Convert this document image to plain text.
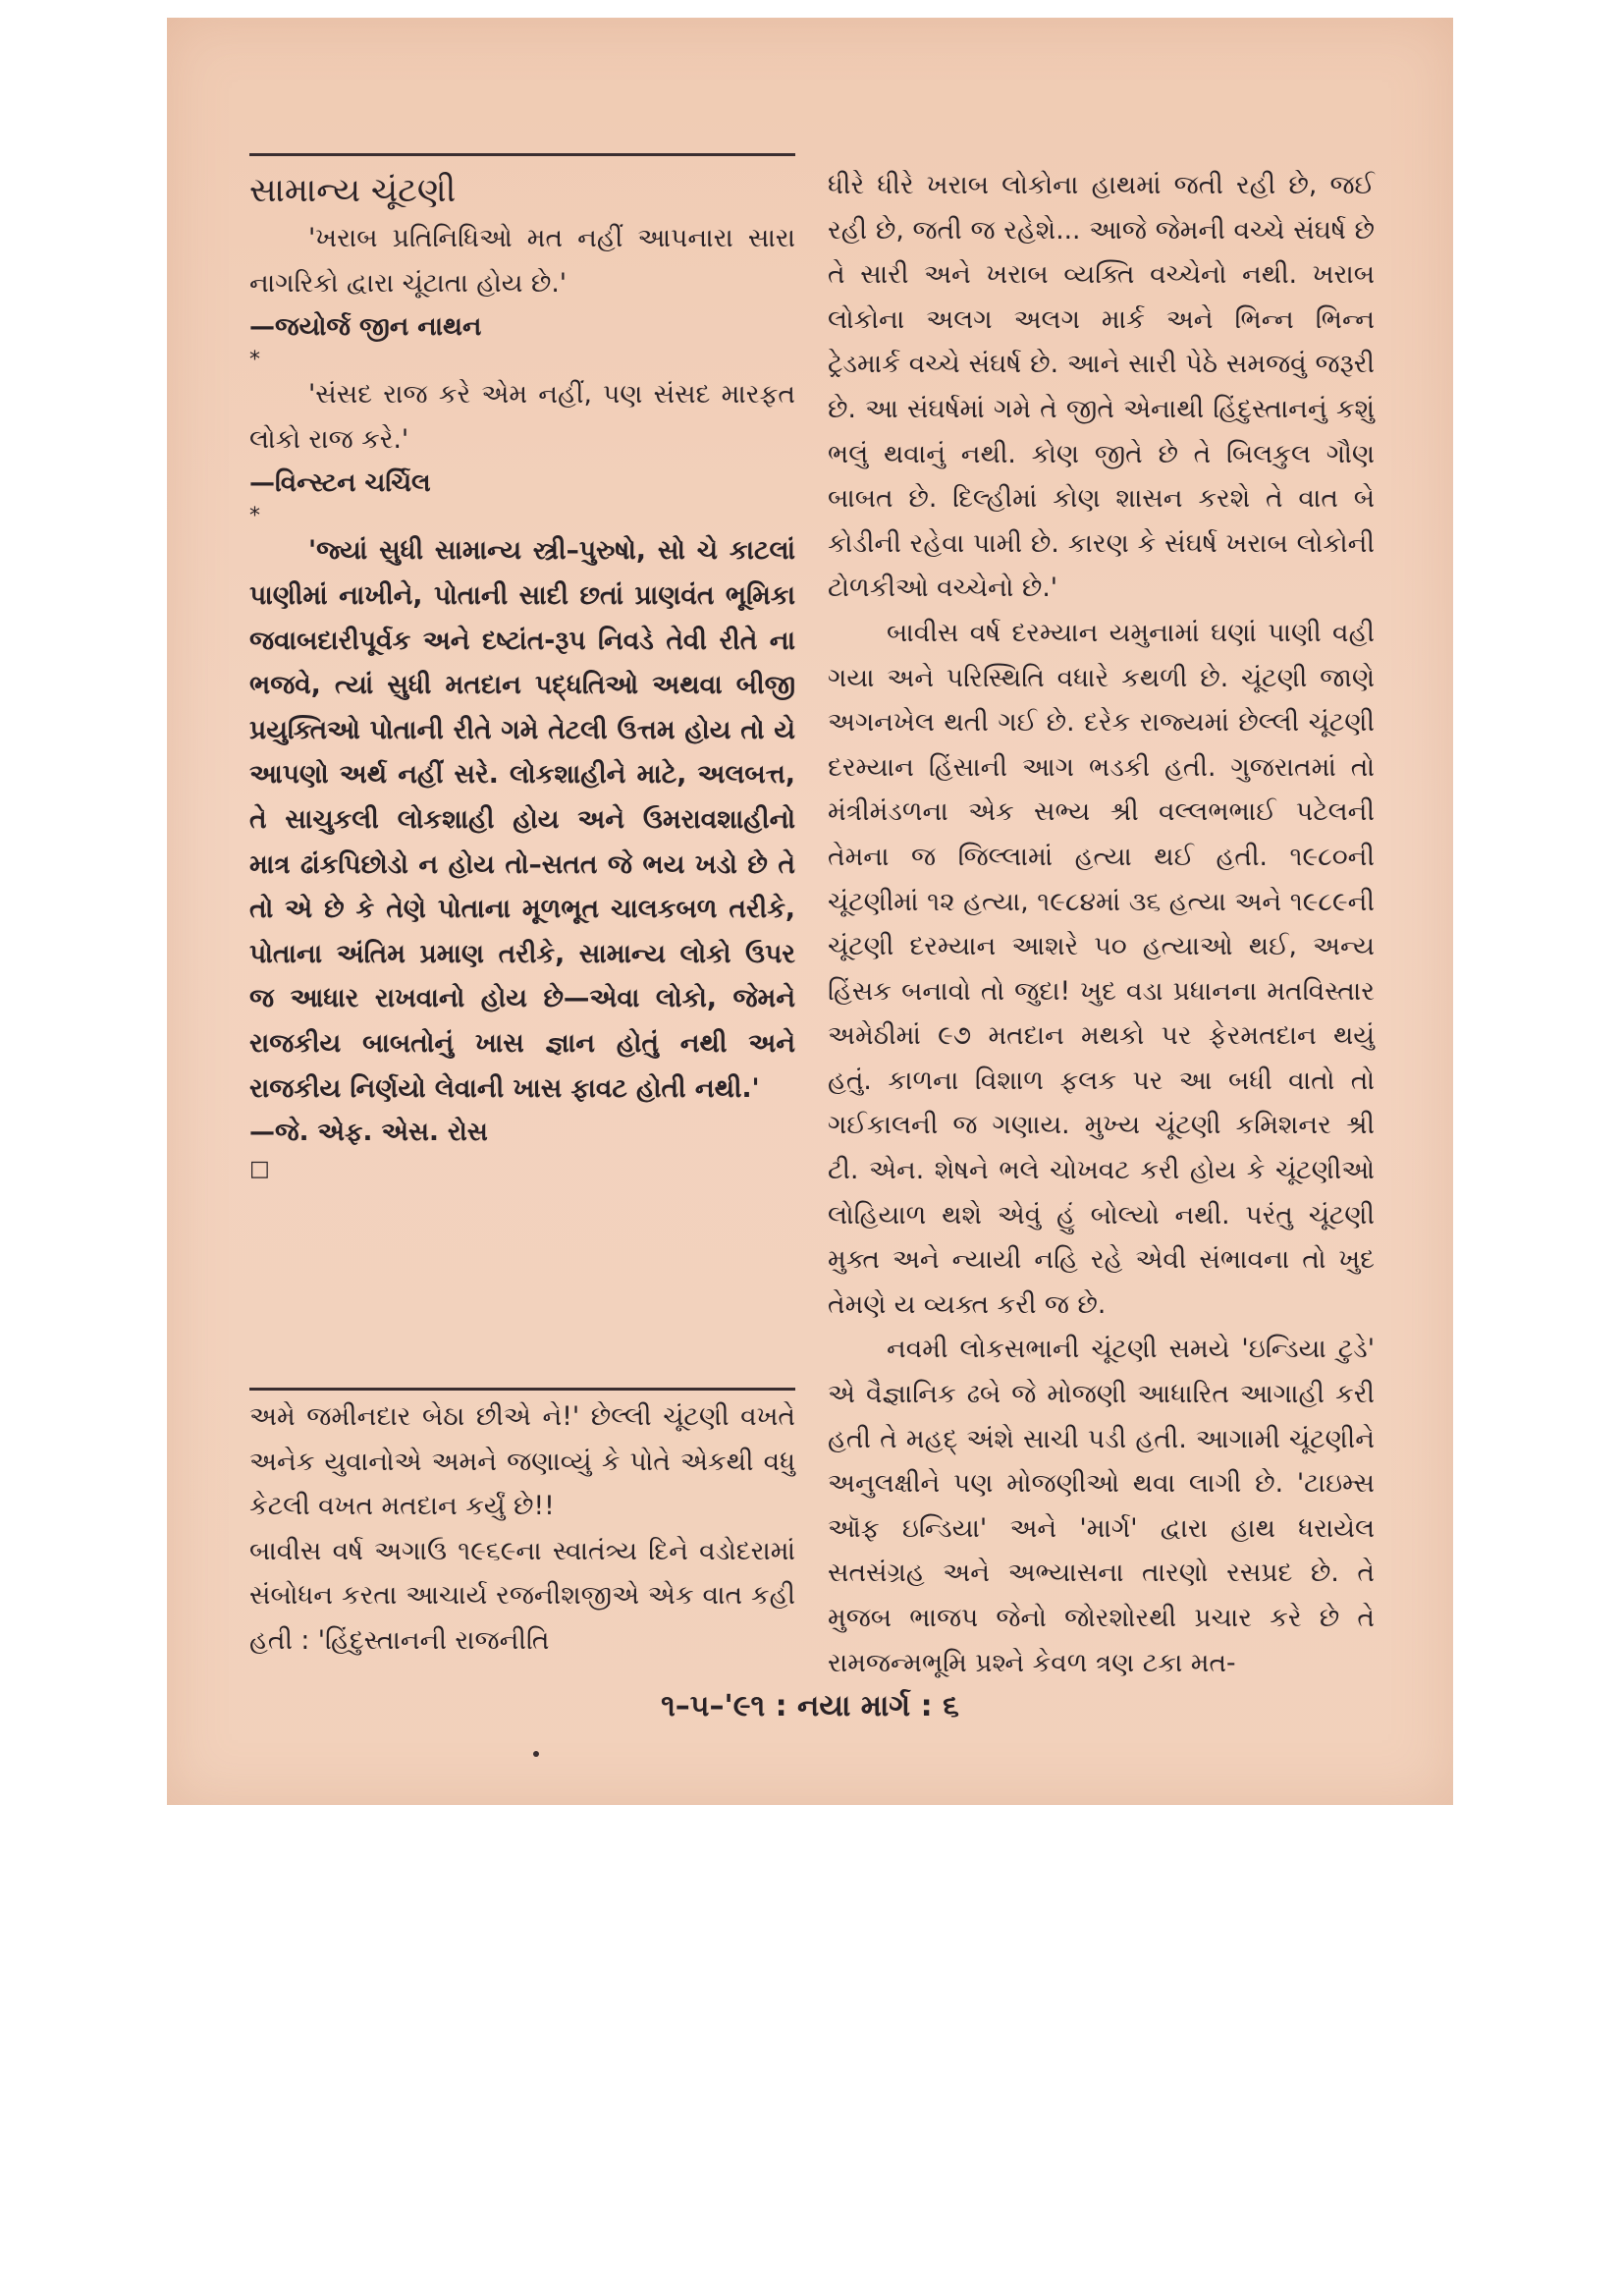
સામાન્ય ચૂંટણી

'ખરાબ પ્રતિનિધિઓ મત નહીં આપનારા સારા નાગરિકો દ્વારા ચૂંટાતા હોય છે.'

—જયોર્જ જીન નાથન

*

'સંસદ રાજ કરે એમ નહીં, પણ સંસદ મારફત લોકો રાજ કરે.'

—વિન્સ્ટન ચર્ચિલ

*

'જ્યાં સુધી સામાન્ય સ્ત્રી–પુરુષો, સો ચે કાટલાં પાણીમાં નાખીને, પોતાની સાદી છતાં પ્રાણવંત ભૂમિકા જવાબદારીપૂર્વક અને દષ્ટાંત-રૂપ નિવડે તેવી રીતે ના ભજવે, ત્યાં સુધી મતદાન પદ્ધતિઓ અથવા બીજી પ્રયુક્તિઓ પોતાની રીતે ગમે તેટલી ઉત્તમ હોય તો યે આપણો અર્થ નહીં સરે. લોકશાહીને માટે, અલબત્ત, તે સાચુકલી લોકશાહી હોય અને ઉમરાવશાહીનો માત્ર ઢાંકપિછોડો ન હોય તો–સતત જે ભય ખડો છે તે તો એ છે કે તેણે પોતાના મૂળભૂત ચાલકબળ તરીકે, પોતાના અંતિમ પ્રમાણ તરીકે, સામાન્ય લોકો ઉપર જ આધાર રાખવાનો હોય છે—એવા લોકો, જેમને રાજકીય બાબતોનું ખાસ જ્ઞાન હોતું નથી અને રાજકીય નિર્ણયો લેવાની ખાસ ફાવટ હોતી નથી.'

—જે. એફ. એસ. રોસ

□

અમે જમીનદાર બેઠા છીએ ને!' છેલ્લી ચૂંટણી વખતે અનેક યુવાનોએ અમને જણાવ્યું કે પોતે એકથી વધુ કેટલી વખત મતદાન કર્યું છે!!

બાવીસ વર્ષ અગાઉ ૧૯૬૯ના સ્વાતંત્ર્ય દિને વડોદરામાં સંબોધન કરતા આચાર્ય રજનીશજીએ એક વાત કહી હતી : 'હિંદુસ્તાનની રાજનીતિ

ધીરે ધીરે ખરાબ લોકોના હાથમાં જતી રહી છે, જઈ રહી છે, જતી જ રહેશે... આજે જેમની વચ્ચે સંઘર્ષ છે તે સારી અને ખરાબ વ્યક્તિ વચ્ચેનો નથી. ખરાબ લોકોના અલગ અલગ માર્ક અને ભિન્ન ભિન્ન ટ્રેડમાર્ક વચ્ચે સંઘર્ષ છે. આને સારી પેઠે સમજવું જરૂરી છે. આ સંઘર્ષમાં ગમે તે જીતે એનાથી હિંદુસ્તાનનું કશું ભલું થવાનું નથી. કોણ જીતે છે તે બિલકુલ ગૌણ બાબત છે. દિલ્હીમાં કોણ શાસન કરશે તે વાત બે કોડીની રહેવા પામી છે. કારણ કે સંઘર્ષ ખરાબ લોકોની ટોળકીઓ વચ્ચેનો છે.'

બાવીસ વર્ષ દરમ્યાન યમુનામાં ઘણાં પાણી વહી ગયા અને પરિસ્થિતિ વધારે કથળી છે. ચૂંટણી જાણે અગનખેલ થતી ગઈ છે. દરેક રાજ્યમાં છેલ્લી ચૂંટણી દરમ્યાન હિંસાની આગ ભડકી હતી. ગુજરાતમાં તો મંત્રીમંડળના એક સભ્ય શ્રી વલ્લભભાઈ પટેલની તેમના જ જિલ્લામાં હત્યા થઈ હતી. ૧૯૮૦ની ચૂંટણીમાં ૧૨ હત્યા, ૧૯૮૪માં ૩૬ હત્યા અને ૧૯૮૯ની ચૂંટણી દરમ્યાન આશરે ૫૦ હત્યાઓ થઈ, અન્ય હિંસક બનાવો તો જુદા! ખુદ વડા પ્રધાનના મતવિસ્તાર અમેઠીમાં ૯૭ મતદાન મથકો પર ફેરમતદાન થયું હતું. કાળના વિશાળ ફલક પર આ બધી વાતો તો ગઈકાલની જ ગણાય. મુખ્ય ચૂંટણી કમિશનર શ્રી ટી. એન. શેષને ભલે ચોખવટ કરી હોય કે ચૂંટણીઓ લોહિયાળ થશે એવું હું બોલ્યો નથી. પરંતુ ચૂંટણી મુક્ત અને ન્યાયી નહિ રહે એવી સંભાવના તો ખુદ તેમણે ય વ્યક્ત કરી જ છે.

નવમી લોકસભાની ચૂંટણી સમયે 'ઇન્ડિયા ટુડે' એ વૈજ્ઞાનિક ઢબે જે મોજણી આધારિત આગાહી કરી હતી તે મહદ્ અંશે સાચી પડી હતી. આગામી ચૂંટણીને અનુલક્ષીને પણ મોજણીઓ થવા લાગી છે. 'ટાઇમ્સ ઑફ ઇન્ડિયા' અને 'માર્ગ' દ્વારા હાથ ધરાયેલ સતસંગ્રહ અને અભ્યાસના તારણો રસપ્રદ છે. તે મુજબ ભાજપ જેનો જોરશોરથી પ્રચાર કરે છે તે રામજન્મભૂમિ પ્રશ્ને કેવળ ત્રણ ટકા મત-

૧–૫–'૯૧ : નયા માર્ગ : ૬
